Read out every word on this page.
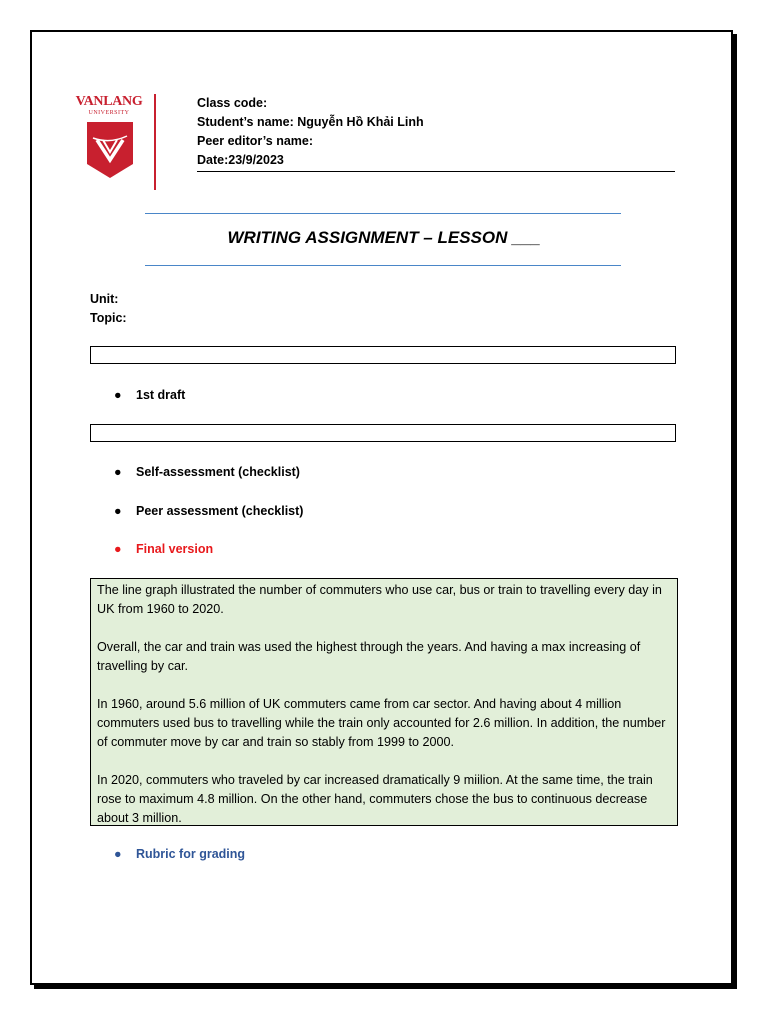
VANLANG
UNIVERSITY
Class code:
Student’s name: Nguyễn Hồ Khải Linh
Peer editor’s name:
Date:23/9/2023
WRITING ASSIGNMENT – LESSON ___
Unit:
Topic:
● 1st draft
● Self-assessment (checklist)
● Peer assessment (checklist)
● Final version

The line graph illustrated the number of commuters who use car, bus or train to travelling every day in UK from 1960 to 2020.

Overall, the car and train was used the highest through the years. And having a max increasing of travelling by car.

In 1960, around 5.6 million of UK commuters came from car sector. And having about 4 million commuters used bus to travelling while the train only accounted for 2.6 million. In addition, the number of commuter move by car and train so stably from 1999 to 2000.

In 2020, commuters who traveled by car increased dramatically 9 miilion. At the same time, the train rose to maximum 4.8 million. On the other hand, commuters chose the bus to continuous decrease about 3 million.

● Rubric for grading
